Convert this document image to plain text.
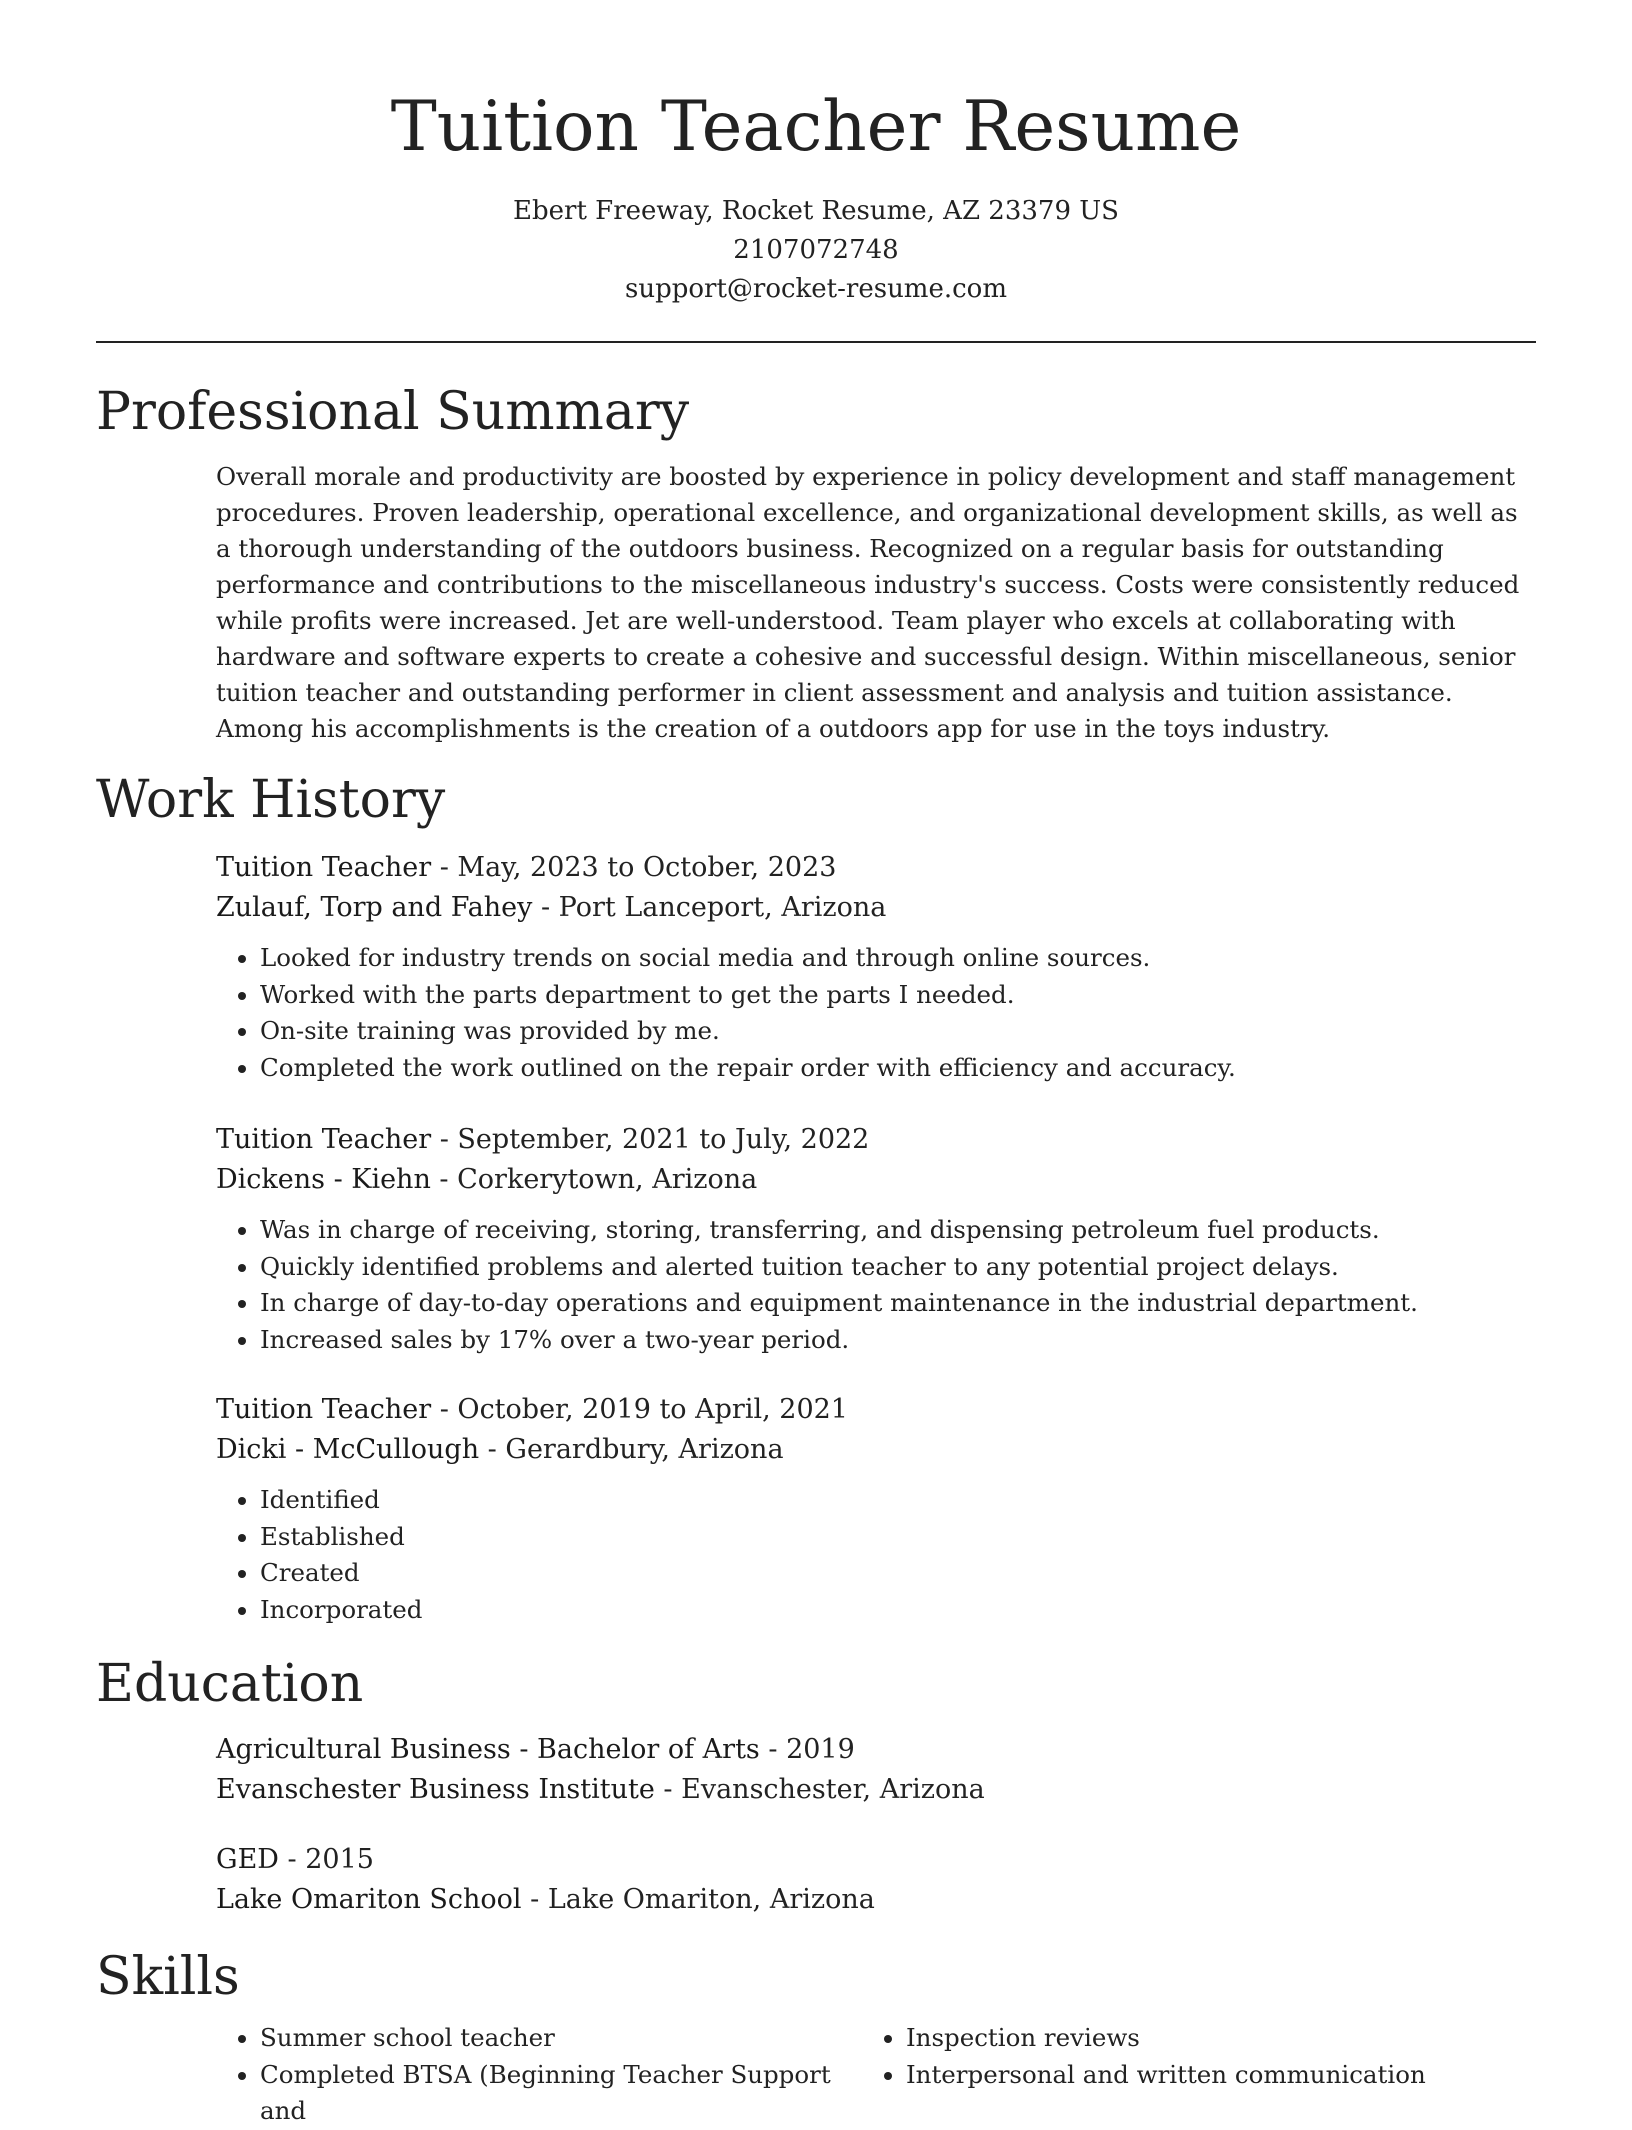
Tuition Teacher Resume
Ebert Freeway, Rocket Resume, AZ 23379 US
2107072748
support@rocket-resume.com
Professional Summary

Overall morale and productivity are boosted by experience in policy development and staff management procedures. Proven leadership, operational excellence, and organizational development skills, as well as a thorough understanding of the outdoors business. Recognized on a regular basis for outstanding performance and contributions to the miscellaneous industry's success. Costs were consistently reduced while profits were increased. Jet are well-understood. Team player who excels at collaborating with hardware and software experts to create a cohesive and successful design. Within miscellaneous, senior tuition teacher and outstanding performer in client assessment and analysis and tuition assistance. Among his accomplishments is the creation of a outdoors app for use in the toys industry.

Work History

Tuition Teacher - May, 2023 to October, 2023

Zulauf, Torp and Fahey - Port Lanceport, Arizona

• Looked for industry trends on social media and through online sources.
• Worked with the parts department to get the parts I needed.
• On-site training was provided by me.
• Completed the work outlined on the repair order with efficiency and accuracy.

Tuition Teacher - September, 2021 to July, 2022

Dickens - Kiehn - Corkerytown, Arizona

• Was in charge of receiving, storing, transferring, and dispensing petroleum fuel products.
• Quickly identified problems and alerted tuition teacher to any potential project delays.
• In charge of day-to-day operations and equipment maintenance in the industrial department.
• Increased sales by 17% over a two-year period.

Tuition Teacher - October, 2019 to April, 2021

Dicki - McCullough - Gerardbury, Arizona

• Identified
• Established
• Created
• Incorporated
Education

Agricultural Business - Bachelor of Arts - 2019

Evanschester Business Institute - Evanschester, Arizona

GED - 2015

Lake Omariton School - Lake Omariton, Arizona

Skills
• Summer school teacher
• Completed BTSA (Beginning Teacher Support and
• Inspection reviews
• Interpersonal and written communication
